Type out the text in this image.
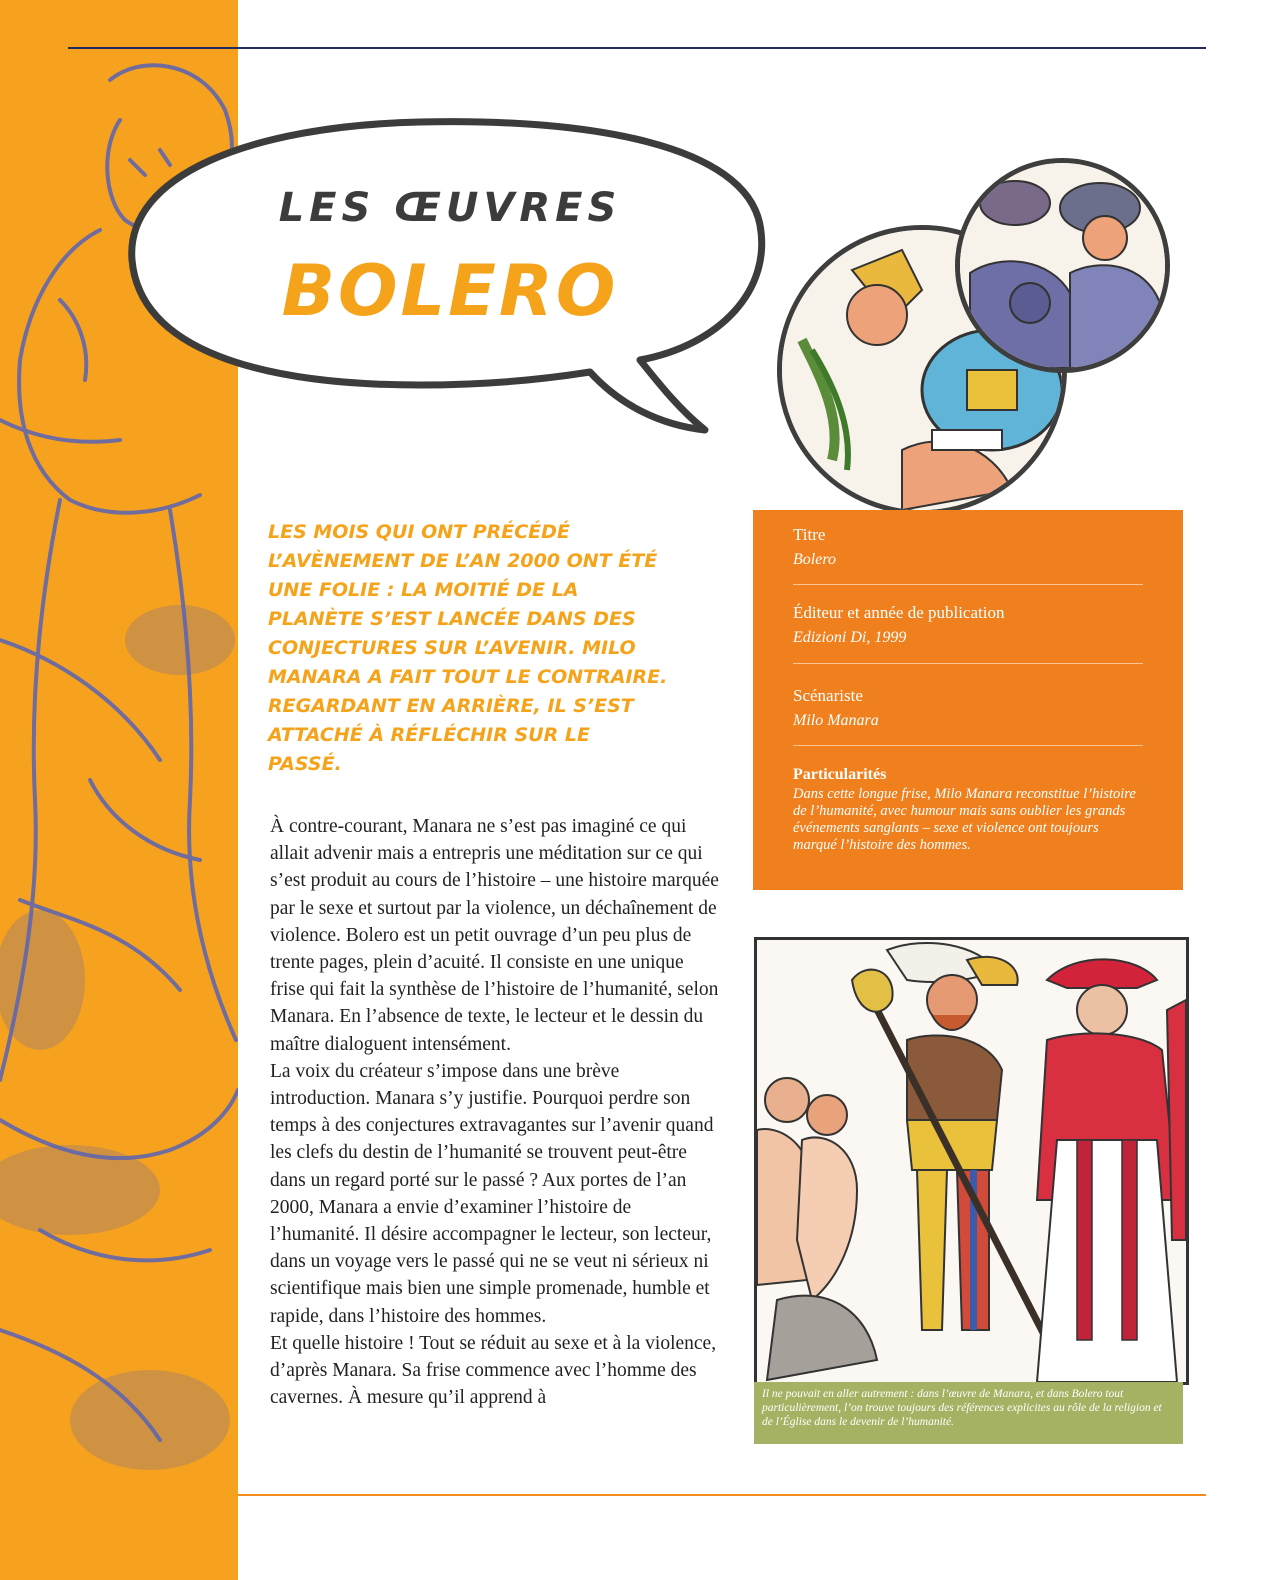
LES ŒUVRES
BOLERO

LES MOIS QUI ONT PRÉCÉDÉ L’AVÈNEMENT DE L’AN 2000 ONT ÉTÉ UNE FOLIE : LA MOITIÉ DE LA PLANÈTE S’EST LANCÉE DANS DES CONJECTURES SUR L’AVENIR. MILO MANARA A FAIT TOUT LE CONTRAIRE. REGARDANT EN ARRIÈRE, IL S’EST ATTACHÉ À RÉFLÉCHIR SUR LE PASSÉ.

À contre-courant, Manara ne s’est pas imaginé ce qui allait advenir mais a entrepris une méditation sur ce qui s’est produit au cours de l’histoire – une histoire marquée par le sexe et surtout par la violence, un déchaînement de violence. Bolero est un petit ouvrage d’un peu plus de trente pages, plein d’acuité. Il consiste en une unique frise qui fait la synthèse de l’histoire de l’humanité, selon Manara. En l’absence de texte, le lecteur et le dessin du maître dialoguent intensément.

La voix du créateur s’impose dans une brève introduction. Manara s’y justifie. Pourquoi perdre son temps à des conjectures extravagantes sur l’avenir quand les clefs du destin de l’humanité se trouvent peut-être dans un regard porté sur le passé ? Aux portes de l’an 2000, Manara a envie d’examiner l’histoire de l’humanité. Il désire accompagner le lecteur, son lecteur, dans un voyage vers le passé qui ne se veut ni sérieux ni scientifique mais bien une simple promenade, humble et rapide, dans l’histoire des hommes.

Et quelle histoire ! Tout se réduit au sexe et à la violence, d’après Manara. Sa frise commence avec l’homme des cavernes. À mesure qu’il apprend à

Titre
Bolero
Éditeur et année de publication
Edizioni Di, 1999
Scénariste
Milo Manara
Particularités
Dans cette longue frise, Milo Manara reconstitue l’histoire de l’humanité, avec humour mais sans oublier les grands événements sanglants – sexe et violence ont toujours marqué l’histoire des hommes.
Il ne pouvait en aller autrement : dans l’œuvre de Manara, et dans Bolero tout particulièrement, l’on trouve toujours des références explicites au rôle de la religion et de l’Église dans le devenir de l’humanité.
